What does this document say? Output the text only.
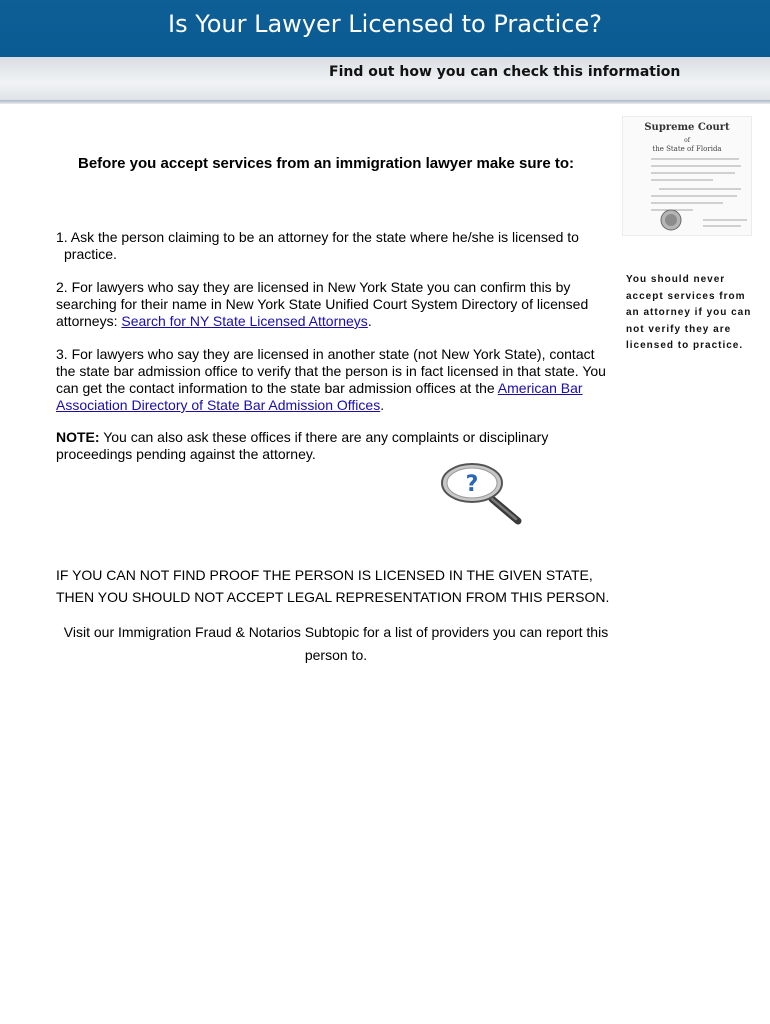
Is Your Lawyer Licensed to Practice?
Find out how you can check this information
Supreme Court
of
the State of Florida
Before you accept services from an immigration lawyer make sure to:
1. Ask the person claiming to be an attorney for the state where he/she is licensed to
practice.
2. For lawyers who say they are licensed in New York State you can confirm this by searching for their name in New York State Unified Court System Directory of licensed attorneys: Search for NY State Licensed Attorneys.
3. For lawyers who say they are licensed in another state (not New York State), contact the state bar admission office to verify that the person is in fact licensed in that state. You can get the contact information to the state bar admission offices at the American Bar Association Directory of State Bar Admission Offices.
NOTE: You can also ask these offices if there are any complaints or disciplinary proceedings pending against the attorney.
?
IF YOU CAN NOT FIND PROOF THE PERSON IS LICENSED IN THE GIVEN STATE,
THEN YOU SHOULD NOT ACCEPT LEGAL REPRESENTATION FROM THIS PERSON.
Visit our Immigration Fraud & Notarios Subtopic for a list of providers you can report this
person to.
You should never
accept services from
an attorney if you can
not verify they are
licensed to practice.
